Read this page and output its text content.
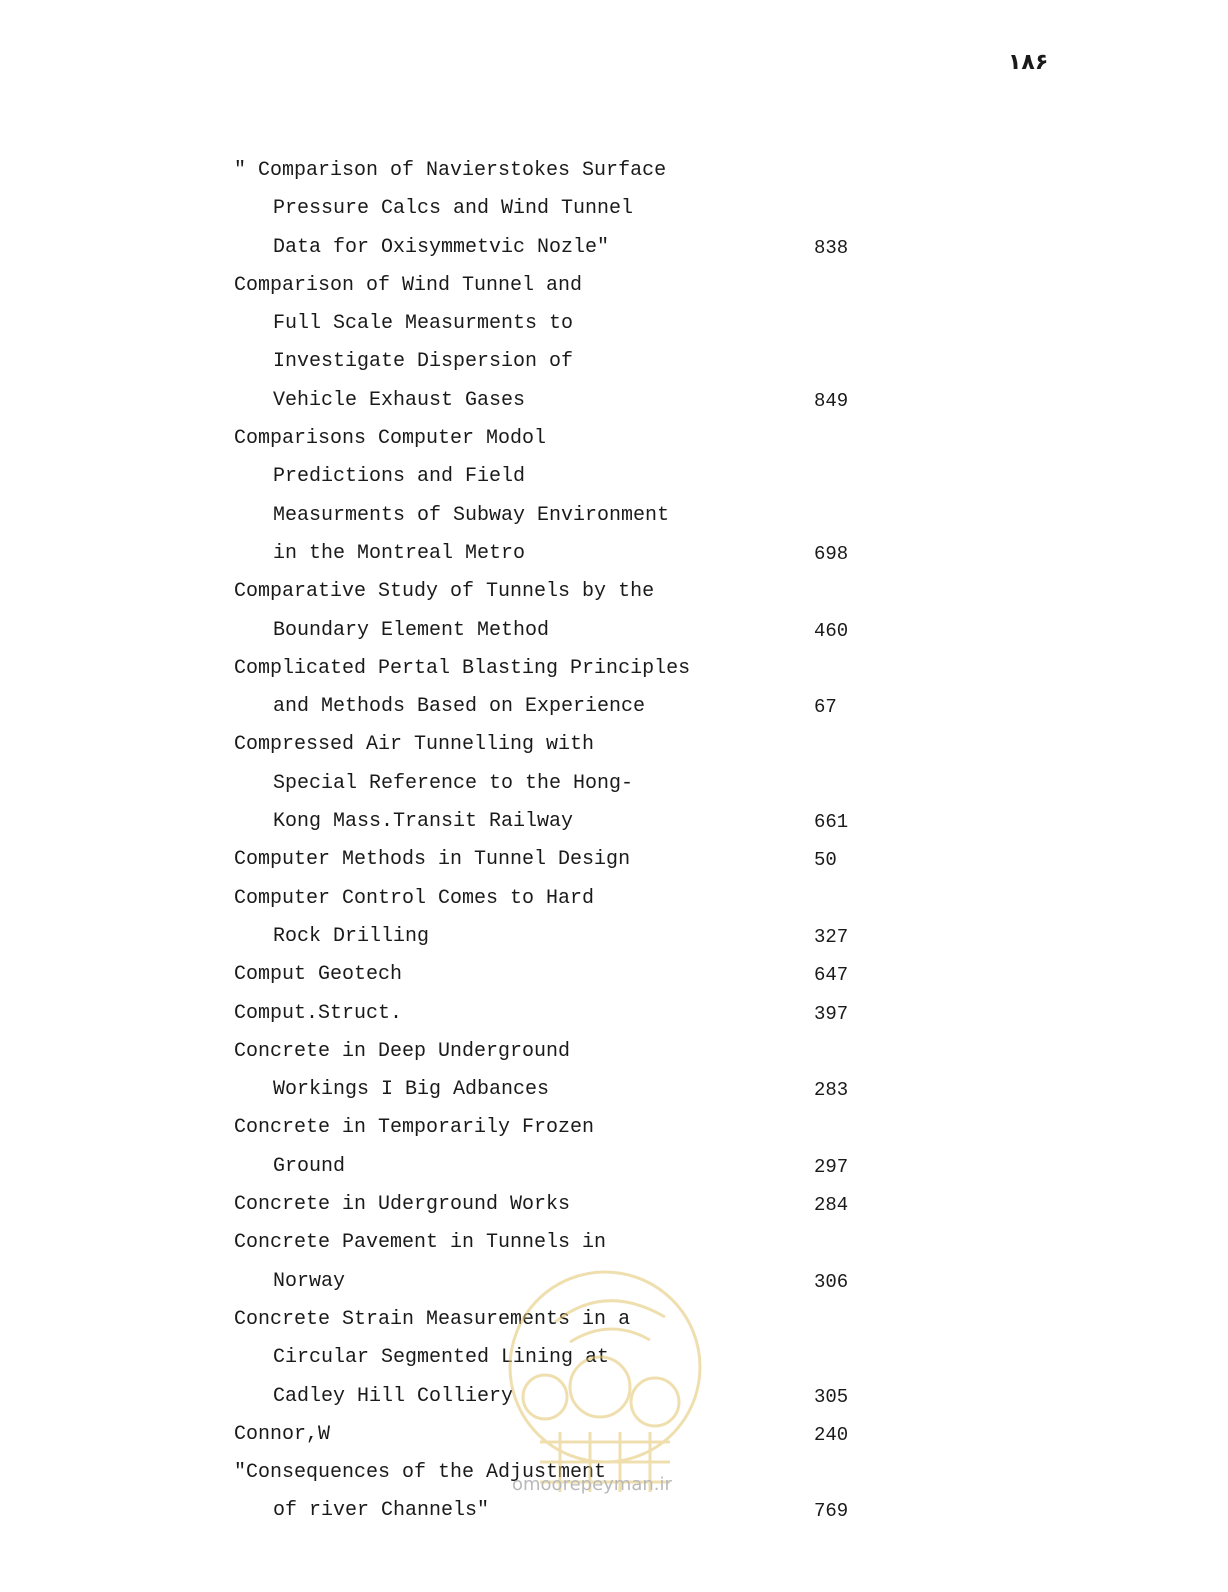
۱۸۶
" Comparison of Navierstokes Surface
Pressure Calcs and Wind Tunnel
Data for Oxisymmetvic Nozle"	838
Comparison of Wind Tunnel and
Full Scale Measurments to
Investigate Dispersion of
Vehicle Exhaust Gases	849
Comparisons Computer Modol
Predictions and Field
Measurments of Subway Environment
in the Montreal Metro	698
Comparative Study of Tunnels by the
Boundary Element Method	460
Complicated Pertal Blasting Principles
and Methods Based on Experience	67
Compressed Air Tunnelling with
Special Reference to the Hong-
Kong Mass.Transit Railway	661
Computer Methods in Tunnel Design	50
Computer Control Comes to Hard
Rock Drilling	327
Comput Geotech	647
Comput.Struct.	397
Concrete in Deep Underground
Workings I Big Adbances	283
Concrete in Temporarily Frozen
Ground	297
Concrete in Uderground Works	284
Concrete Pavement in Tunnels in
Norway	306
Concrete Strain Measurements in a
Circular Segmented Lining at
Cadley Hill Colliery	305
Connor,W	240
"Consequences of the Adjustment
of river Channels"	769
omoorepeyman.ir
